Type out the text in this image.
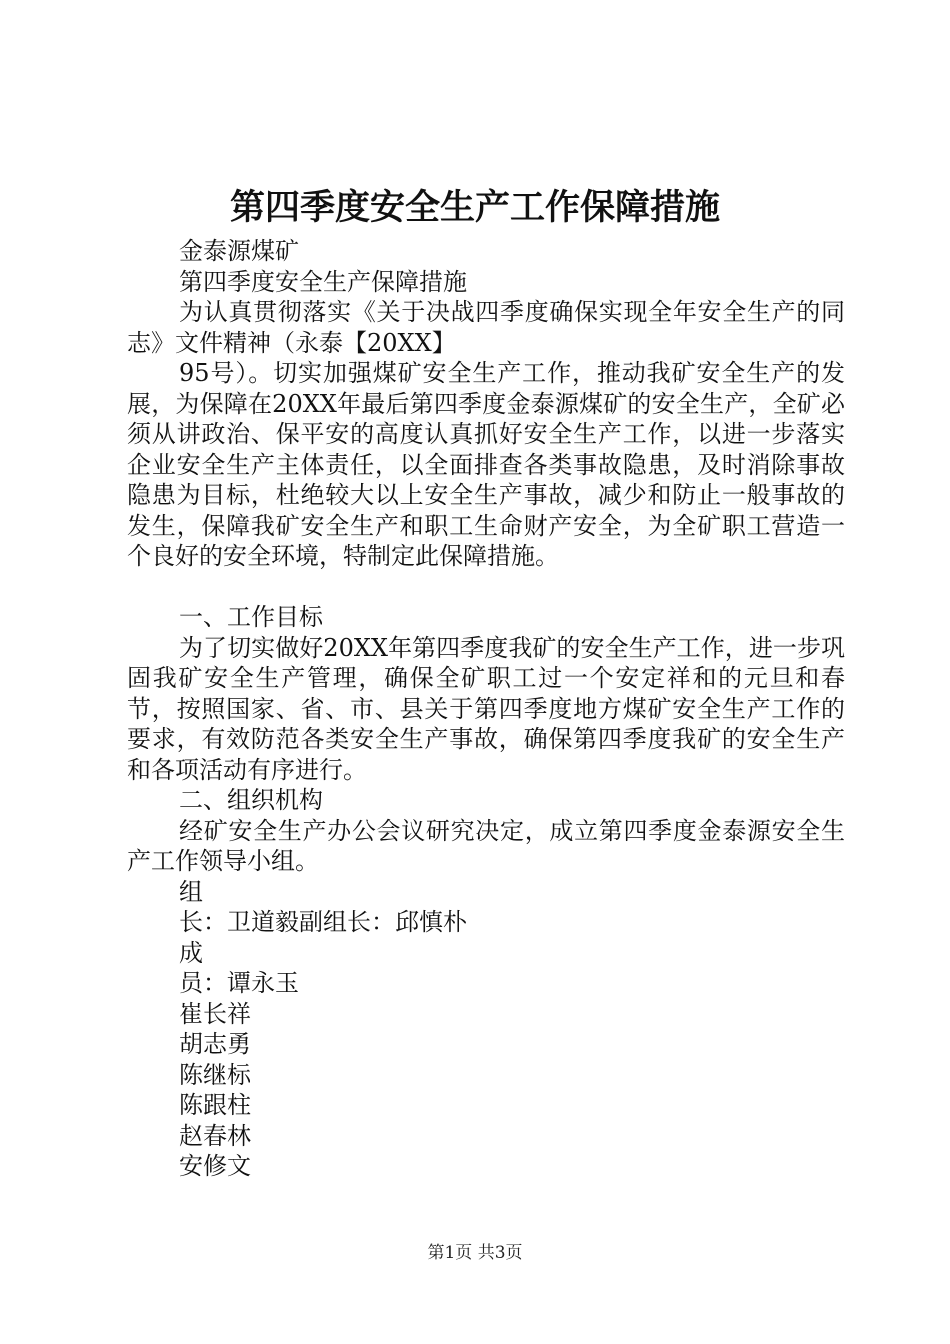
第四季度安全生产工作保障措施

金泰源煤矿

第四季度安全生产保障措施

为认真贯彻落实《关于决战四季度确保实现全年安全生产的同志》文件精神（永泰【20XX】

95号）。切实加强煤矿安全生产工作，推动我矿安全生产的发展，为保障在20XX年最后第四季度金泰源煤矿的安全生产，全矿必须从讲政治、保平安的高度认真抓好安全生产工作，以进一步落实企业安全生产主体责任，以全面排查各类事故隐患，及时消除事故隐患为目标，杜绝较大以上安全生产事故，减少和防止一般事故的发生，保障我矿安全生产和职工生命财产安全，为全矿职工营造一个良好的安全环境，特制定此保障措施。

一、工作目标

为了切实做好20XX年第四季度我矿的安全生产工作，进一步巩固我矿安全生产管理，确保全矿职工过一个安定祥和的元旦和春节，按照国家、省、市、县关于第四季度地方煤矿安全生产工作的要求，有效防范各类安全生产事故，确保第四季度我矿的安全生产和各项活动有序进行。

二、组织机构

经矿安全生产办公会议研究决定，成立第四季度金泰源安全生产工作领导小组。

组

长：卫道毅副组长：邱慎朴

成

员：谭永玉

崔长祥

胡志勇

陈继标

陈跟柱

赵春林

安修文

第1页 共3页
